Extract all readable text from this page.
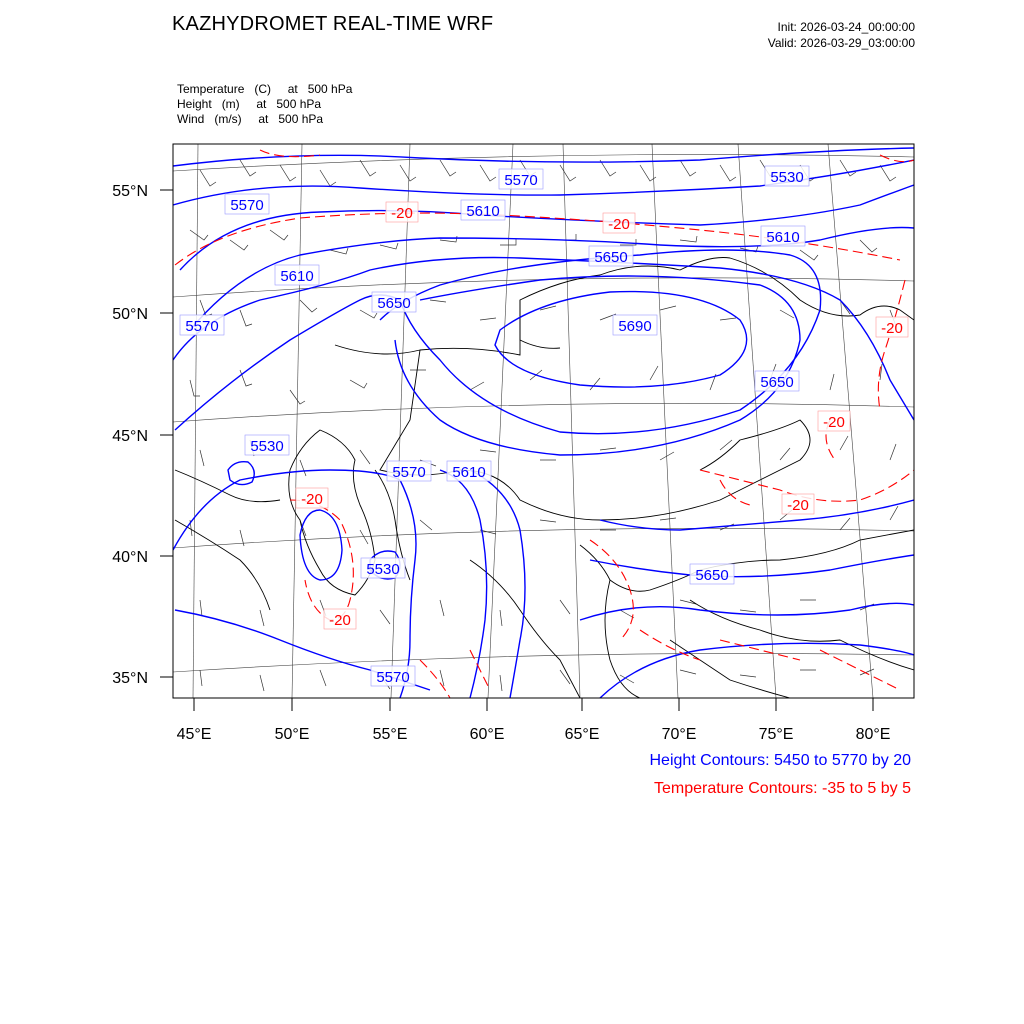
KAZHYDROMET REAL-TIME WRF	Init: 2026-03-24_00:00:00
Valid: 2026-03-29_03:00:00
Temperature   (C)     at   500 hPa
Height   (m)     at   500 hPa
Wind   (m/s)     at   500 hPa
55°N
50°N
45°N
40°N
35°N
45°E	50°E	55°E	60°E	65°E	70°E	75°E	80°E
5570
5530
5570
5610
5610
5610
5650
5650
5690
5570
5650
5530
5570 5610
5530	5650
5570
-20
-20
-20
-20
-20	-20
-20
Height Contours: 5450 to 5770 by 20
Temperature Contours: -35 to 5 by 5
